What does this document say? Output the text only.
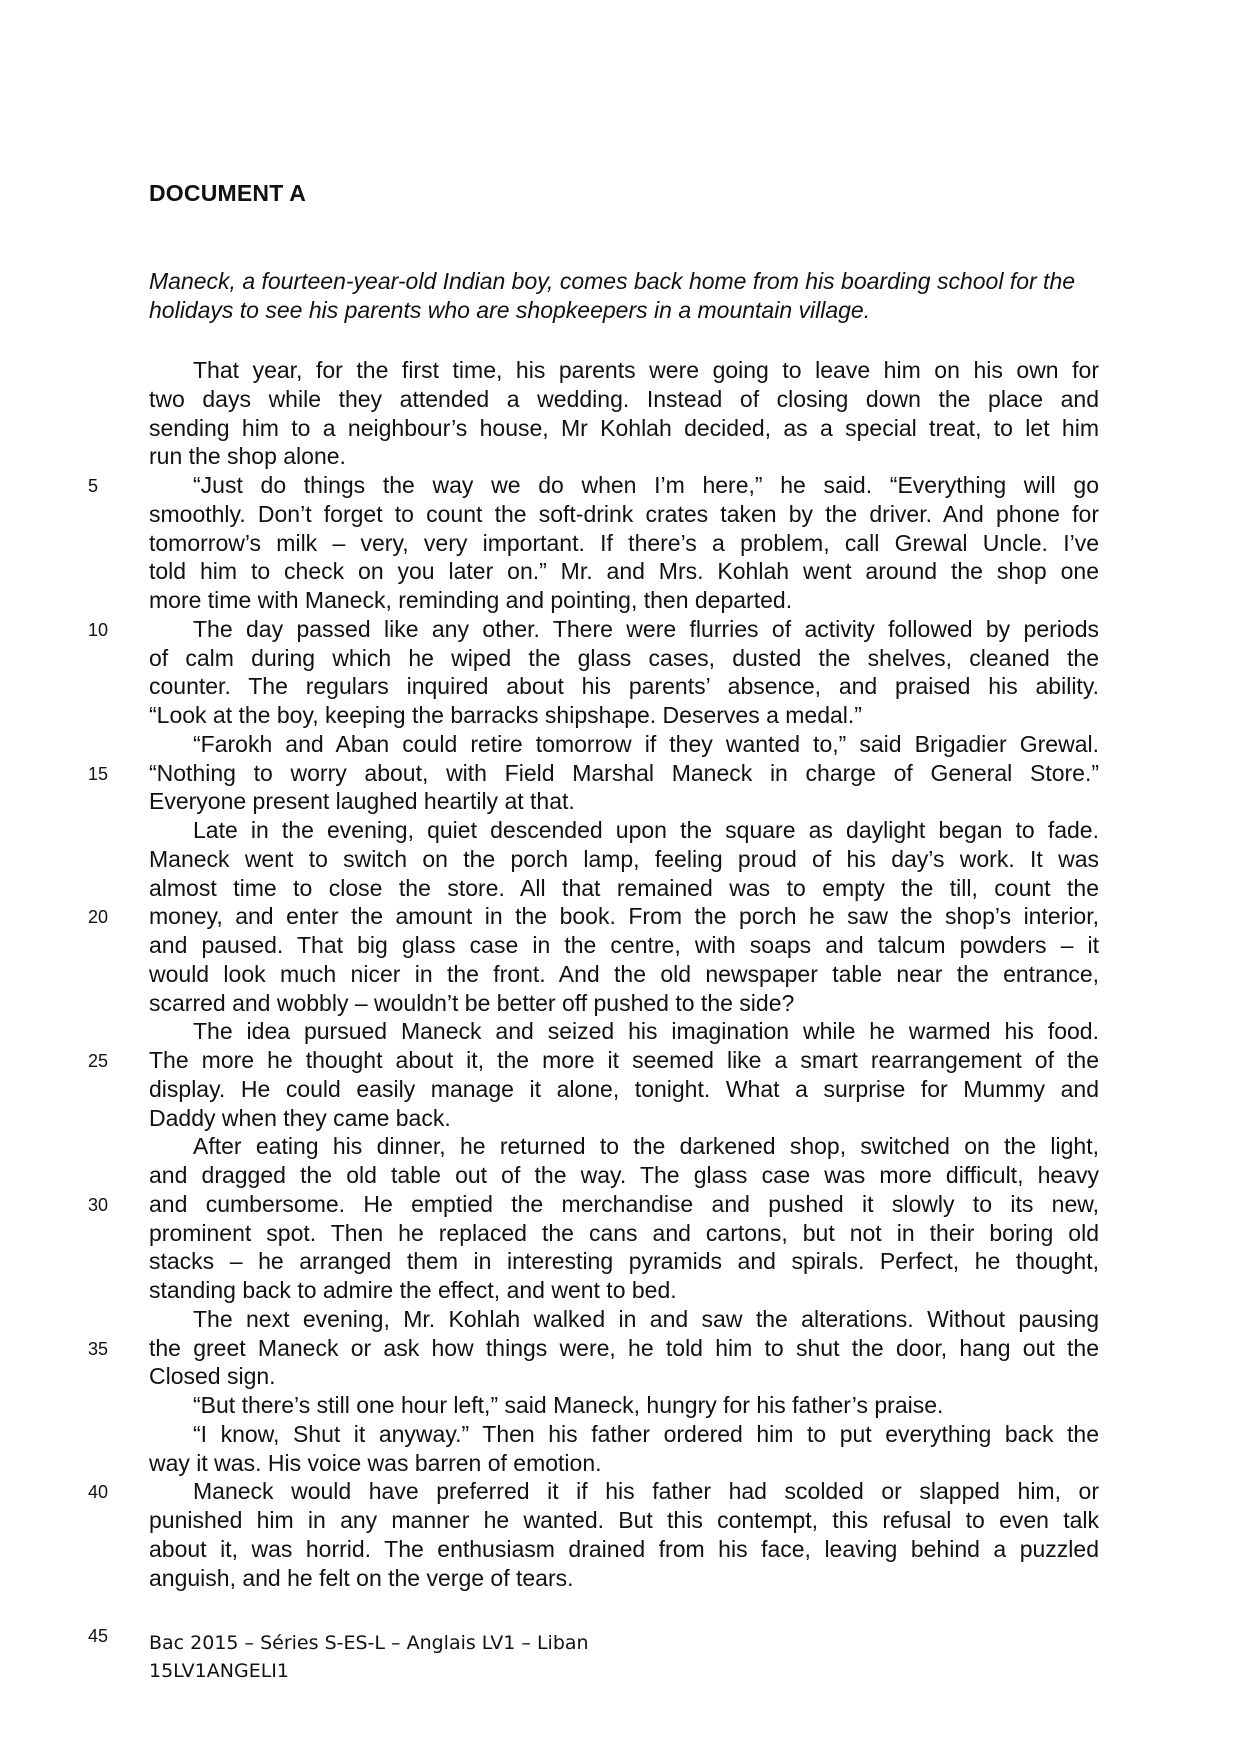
DOCUMENT A
Maneck, a fourteen-year-old Indian boy, comes back home from his boarding school for the holidays to see his parents who are shopkeepers in a mountain village.
That year, for the first time, his parents were going to leave him on his own for
two days while they attended a wedding. Instead of closing down the place and
sending him to a neighbour’s house, Mr Kohlah decided, as a special treat, to let him
run the shop alone.
“Just do things the way we do when I’m here,” he said. “Everything will go
smoothly. Don’t forget to count the soft-drink crates taken by the driver. And phone for
tomorrow’s milk – very, very important. If there’s a problem, call Grewal Uncle. I’ve
told him to check on you later on.” Mr. and Mrs. Kohlah went around the shop one
more time with Maneck, reminding and pointing, then departed.
The day passed like any other. There were flurries of activity followed by periods
of calm during which he wiped the glass cases, dusted the shelves, cleaned the
counter. The regulars inquired about his parents’ absence, and praised his ability.
“Look at the boy, keeping the barracks shipshape. Deserves a medal.”
“Farokh and Aban could retire tomorrow if they wanted to,” said Brigadier Grewal.
“Nothing to worry about, with Field Marshal Maneck in charge of General Store.”
Everyone present laughed heartily at that.
Late in the evening, quiet descended upon the square as daylight began to fade.
Maneck went to switch on the porch lamp, feeling proud of his day’s work. It was
almost time to close the store. All that remained was to empty the till, count the
money, and enter the amount in the book. From the porch he saw the shop’s interior,
and paused. That big glass case in the centre, with soaps and talcum powders – it
would look much nicer in the front. And the old newspaper table near the entrance,
scarred and wobbly – wouldn’t be better off pushed to the side?
The idea pursued Maneck and seized his imagination while he warmed his food.
The more he thought about it, the more it seemed like a smart rearrangement of the
display. He could easily manage it alone, tonight. What a surprise for Mummy and
Daddy when they came back.
After eating his dinner, he returned to the darkened shop, switched on the light,
and dragged the old table out of the way. The glass case was more difficult, heavy
and cumbersome. He emptied the merchandise and pushed it slowly to its new,
prominent spot. Then he replaced the cans and cartons, but not in their boring old
stacks – he arranged them in interesting pyramids and spirals. Perfect, he thought,
standing back to admire the effect, and went to bed.
The next evening, Mr. Kohlah walked in and saw the alterations. Without pausing
the greet Maneck or ask how things were, he told him to shut the door, hang out the
Closed sign.
“But there’s still one hour left,” said Maneck, hungry for his father’s praise.
“I know, Shut it anyway.” Then his father ordered him to put everything back the
way it was. His voice was barren of emotion.
Maneck would have preferred it if his father had scolded or slapped him, or
punished him in any manner he wanted. But this contempt, this refusal to even talk
about it, was horrid. The enthusiasm drained from his face, leaving behind a puzzled
anguish, and he felt on the verge of tears.
5
10
15
20
25
30
35
40
45	Bac 2015 – Séries S-ES-L – Anglais LV1 – Liban
15LV1ANGELI1
